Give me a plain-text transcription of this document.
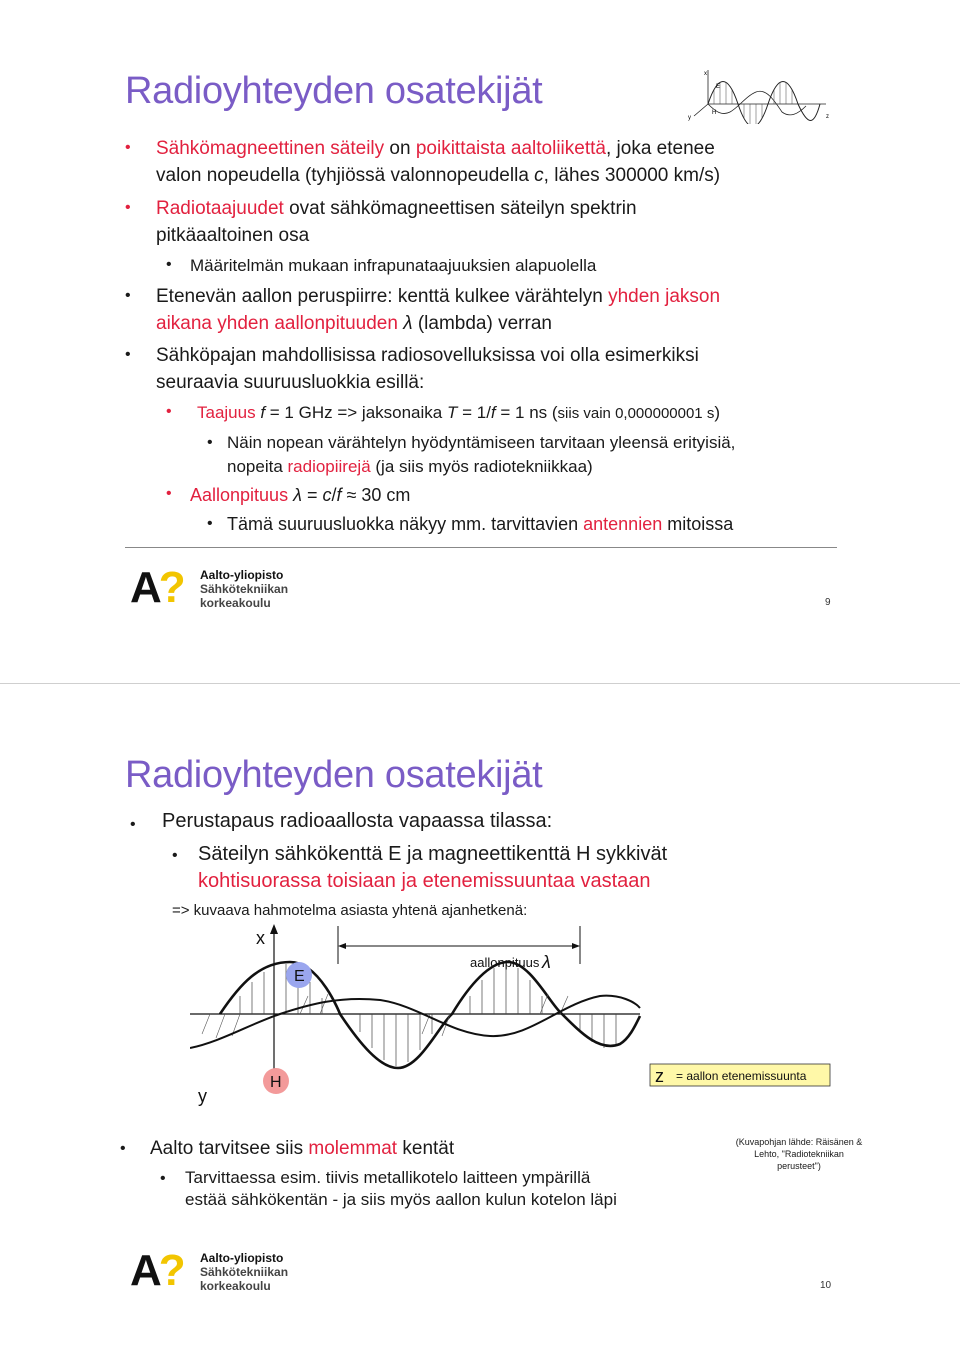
Radioyhteyden osatekijät	x
E
H
y	z
• Sähkömagneettinen säteily on poikittaista aaltoliikettä, joka etenee
valon nopeudella (tyhjiössä valonnopeudella c, lähes 300000 km/s)
• Radiotaajuudet ovat sähkömagneettisen säteilyn spektrin
pitkäaaltoinen osa
• Määritelmän mukaan infrapunataajuuksien alapuolella
• Etenevän aallon peruspiirre: kenttä kulkee värähtelyn yhden jakson
aikana yhden aallonpituuden λ (lambda) verran
• Sähköpajan mahdollisissa radiosovelluksissa voi olla esimerkiksi
seuraavia suuruusluokkia esillä:
• Taajuus f = 1 GHz => jaksonaika T = 1/f = 1 ns (siis vain 0,000000001 s)
• Näin nopean värähtelyn hyödyntämiseen tarvitaan yleensä erityisiä,
nopeita radiopiirejä (ja siis myös radiotekniikkaa)
• Aallonpituus λ = c/f ≈ 30 cm
• Tämä suuruusluokka näkyy mm. tarvittavien antennien mitoissa
A? Aalto-yliopisto
Sähkötekniikan
korkeakoulu	9
Radioyhteyden osatekijät
• Perustapaus radioaallosta vapaassa tilassa:
• Säteilyn sähkökenttä E ja magneettikenttä H sykkivät
kohtisuorassa toisiaan ja etenemissuuntaa vastaan
=> kuvaava hahmotelma asiasta yhtenä ajanhetkenä:
E
H
x
y
aallonpituus λ
z = aallon etenemissuunta
• Aalto tarvitsee siis molemmat kentät
• Tarvittaessa esim. tiivis metallikotelo laitteen ympärillä
estää sähkökentän - ja siis myös aallon kulun kotelon läpi
(Kuvapohjan lähde: Räisänen &
Lehto, "Radiotekniikan
perusteet")
A? Aalto-yliopisto
Sähkötekniikan
korkeakoulu	10
